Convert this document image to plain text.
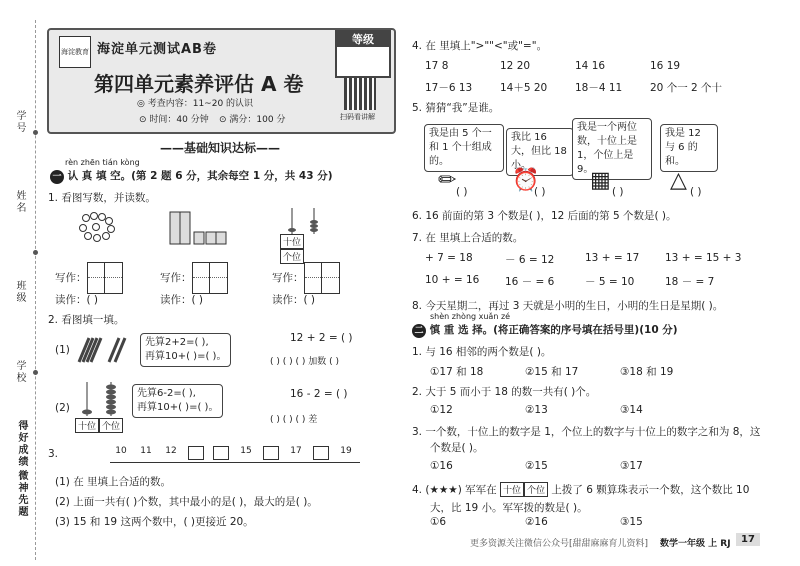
学号
姓名
班级
学校
得好成绩
微神先题
海淀教育 海淀单元测试AB卷
第四单元素养评估 A 卷
◎ 考查内容：11~20 的认识
⊙ 时间：40 分钟 ⊙ 满分：100 分
等级
扫码看讲解
——基础知识达标——
rèn zhēn tián kòng
一 认 真 填 空。(第 2 题 6 分，其余每空 1 分，共 43 分)
1. 看图写数，并读数。
十位个位
写作：	写作：	写作：
读作：( )	读作：( )	读作：( )
2. 看图填一填。
(1)
先算2+2=( ),
再算10+( )=( )。
12 + 2 = ( )
( ) ( ) ( ) 加数 ( )
(2)
十位 个位
先算6-2=( ),
再算10+( )=( )。
16 - 2 = ( )
( ) ( ) ( ) 差
3.	10	11	12	15	17	19
(1) 在 里填上合适的数。
(2) 上面一共有( )个数，其中最小的是( )，最大的是( )。
(3) 15 和 19 这两个数中，( )更接近 20。
4. 在 里填上">""<"或"="。
17 8	12 20	14 16	16 19
17－6 13	14＋5 20	18－4 11	20 个一 2 个十
5. 猜猜“我”是谁。
我是由 5 个一和 1 个十组成的。
我比 16 大，但比 18 小。
我是一个两位数，十位上是 1，个位上是 9。
我是 12 与 6 的和。
✏	⏰ ▦	△
( )	( )	( )	( )
6. 16 前面的第 3 个数是( )，12 后面的第 5 个数是( )。
7. 在 里填上合适的数。
+ 7 = 18	－ 6 = 12	13 + = 17 13 + = 15 + 3
10 + = 16 16 － = 6	－ 5 = 10	18 － = 7
8. 今天星期二，再过 3 天就是小明的生日，小明的生日是星期( )。
shèn zhòng xuǎn zé
二 慎 重 选 择。(将正确答案的序号填在括号里)(10 分)
1. 与 16 相邻的两个数是( )。
①17 和 18	②15 和 17	③18 和 19
2. 大于 5 而小于 18 的数一共有( )个。
①12	②13	③14
3. 一个数，十位上的数字是 1，个位上的数字与十位上的数字之和为 8，这
个数是( )。
①16	②15	③17
4. (★★★) 军军在 十位 个位 上拨了 6 颗算珠表示一个数，这个数比 10
大，比 19 小。军军拨的数是( )。
①6	②16	③15
更多资源关注微信公众号[甜甜麻麻育儿资料] 数学一年级 上 RJ	17
